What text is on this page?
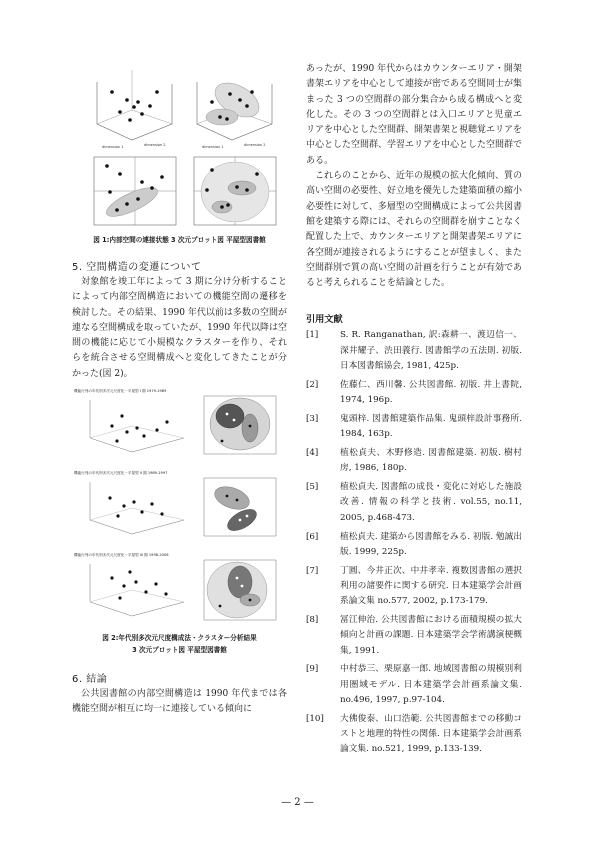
dimension 1	dimension 2	dimension 1	dimension 2

図 1:内部空間の連接状態 3 次元プロット図 平屋型図書館

5. 空間構造の変遷について

対象館を竣工年によって 3 期に分け分析することによって内部空間構造においての機能空間の遷移を検討した。その結果、1990 年代以前は多数の空間が連なる空間構成を取っていたが、1990 年代以降は空間の機能に応じて小規模なクラスターを作り、それらを統合させる空間構成へと変化してきたことが分かった(図 2)。

機能行列の年代別多次元尺度化－平屋型 I 期 1979-1989
機能行列の年代別多次元尺度化－平屋型 II 期 1989-1997
機能行列の年代別多次元尺度化－平屋型 III 期 1998-2006

図 2:年代別多次元尺度構成法・クラスター分析結果

3 次元プロット図 平屋型図書館

6. 結論

公共図書館の内部空間構造は 1990 年代までは各機能空間が相互に均一に連接している傾向に

あったが、1990 年代からはカウンターエリア・開架書架エリアを中心として連接が密である空間同士が集まった 3 つの空間群の部分集合から成る構成へと変化した。その 3 つの空間群とは入口エリアと児童エリアを中心とした空間群、開架書架と視聴覚エリアを中心とした空間群、学習エリアを中心とした空間群である。

これらのことから、近年の規模の拡大化傾向、質の高い空間の必要性、好立地を優先した建築面積の縮小必要性に対して、多層型の空間構成によって公共図書館を建築する際には、それらの空間群を崩すことなく配置した上で、カウンターエリアと開架書架エリアに各空間が連接されるようにすることが望ましく、また空間群別で質の高い空間の計画を行うことが有効であると考えられることを結論とした。

引用文献
[1] S. R. Ranganathan, 訳:森耕一、渡辺信一、深井耀子、渋田義行. 図書館学の五法則. 初版. 日本図書館協会, 1981, 425p.
[2] 佐藤仁、西川馨. 公共図書館. 初版. 井上書院, 1974, 196p.
[3] 鬼頭梓. 図書館建築作品集. 鬼頭梓設計事務所. 1984, 163p.
[4] 植松貞夫、木野修造. 図書館建築. 初版. 樹村房, 1986, 180p.
[5] 植松貞夫. 図書館の成長・変化に対応した施設改善. 情報の科学と技術. vol.55, no.11, 2005, p.468-473.
[6] 植松貞夫. 建築から図書館をみる. 初版. 勉誠出版. 1999, 225p.
[7] 丁圓、今井正次、中井孝幸. 複数図書館の選択利用の諸要件に関する研究. 日本建築学会計画系論文集 no.577, 2002, p.173-179.
[8] 冨江伸治. 公共図書館における面積規模の拡大傾向と計画の課題. 日本建築学会学術講演梗概集, 1991.
[9] 中村恭三、栗原嘉一郎. 地域図書館の規模別利用圏域モデル. 日本建築学会計画系論文集. no.496, 1997, p.97-104.
[10] 大佛俊泰、山口浩範. 公共図書館までの移動コストと地理的特性の関係. 日本建築学会計画系論文集. no.521, 1999, p.133-139.
— 2 —
